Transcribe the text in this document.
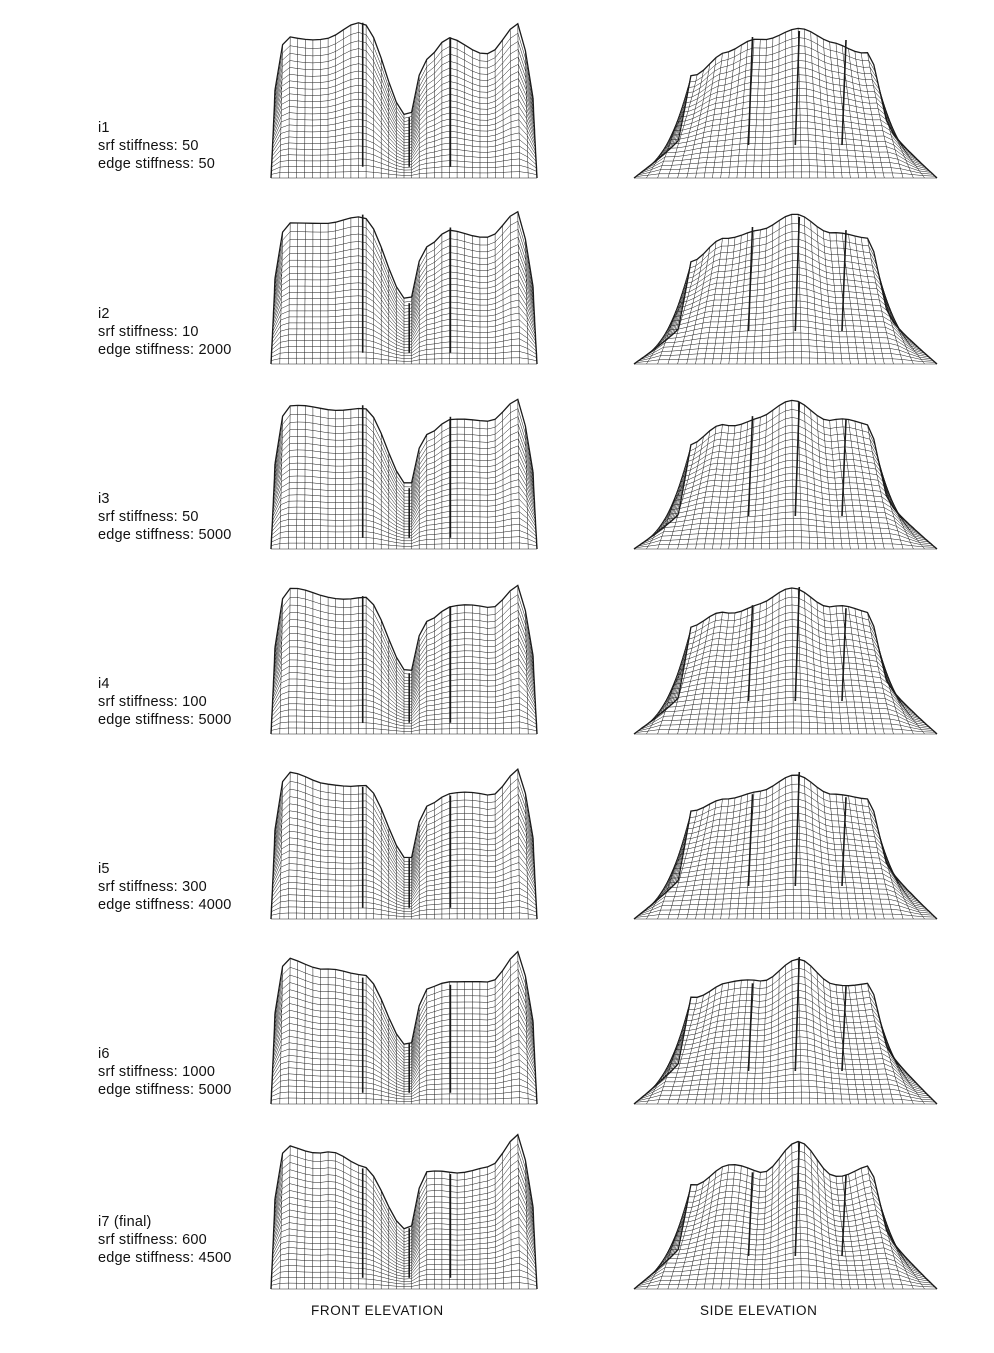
i1
srf stiffness: 50
edge stiffness: 50
i2
srf stiffness: 10
edge stiffness: 2000
i3
srf stiffness: 50
edge stiffness: 5000
i4
srf stiffness: 100
edge stiffness: 5000
i5
srf stiffness: 300
edge stiffness: 4000
i6
srf stiffness: 1000
edge stiffness: 5000
i7 (final)
srf stiffness: 600
edge stiffness: 4500
FRONT ELEVATION	SIDE ELEVATION
